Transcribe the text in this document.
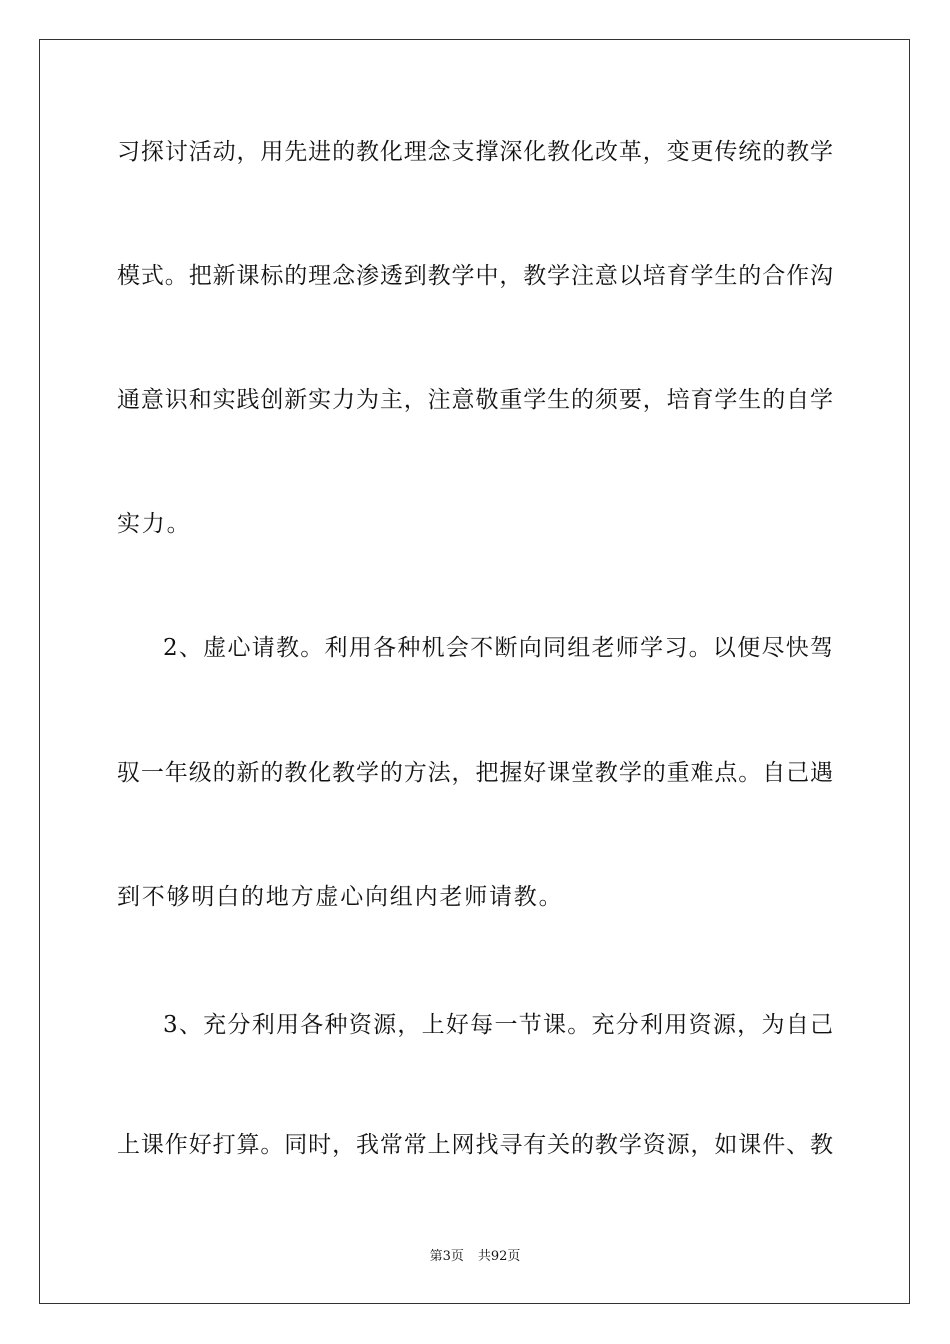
习探讨活动，用先进的教化理念支撑深化教化改革，变更传统的教学
模式。把新课标的理念渗透到教学中，教学注意以培育学生的合作沟
通意识和实践创新实力为主，注意敬重学生的须要，培育学生的自学
实力。
2、虚心请教。利用各种机会不断向同组老师学习。以便尽快驾
驭一年级的新的教化教学的方法，把握好课堂教学的重难点。自己遇
到不够明白的地方虚心向组内老师请教。
3、充分利用各种资源，上好每一节课。充分利用资源，为自己
上课作好打算。同时，我常常上网找寻有关的教学资源，如课件、教
第3页 共92页
